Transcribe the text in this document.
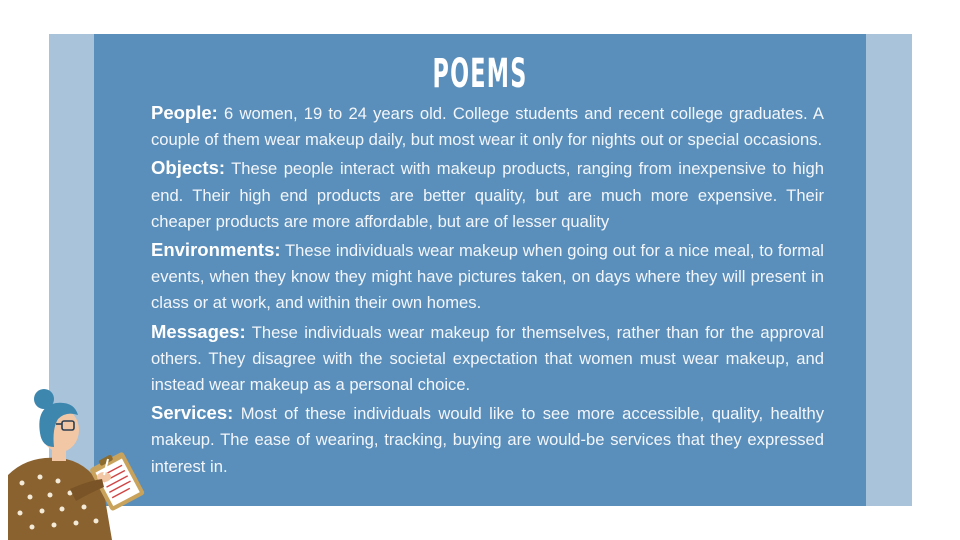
POEMS

People: 6 women, 19 to 24 years old. College students and recent college graduates. A couple of them wear makeup daily, but most wear it only for nights out or special occasions.

Objects: These people interact with makeup products, ranging from inexpensive to high end. Their high end products are better quality, but are much more expensive. Their cheaper products are more affordable, but are of lesser quality

Environments: These individuals wear makeup when going out for a nice meal, to formal events, when they know they might have pictures taken, on days where they will present in class or at work, and within their own homes.

Messages: These individuals wear makeup for themselves, rather than for the approval others. They disagree with the societal expectation that women must wear makeup, and instead wear makeup as a personal choice.

Services: Most of these individuals would like to see more accessible, quality, healthy makeup. The ease of wearing, tracking, buying are would-be services that they expressed interest in.
